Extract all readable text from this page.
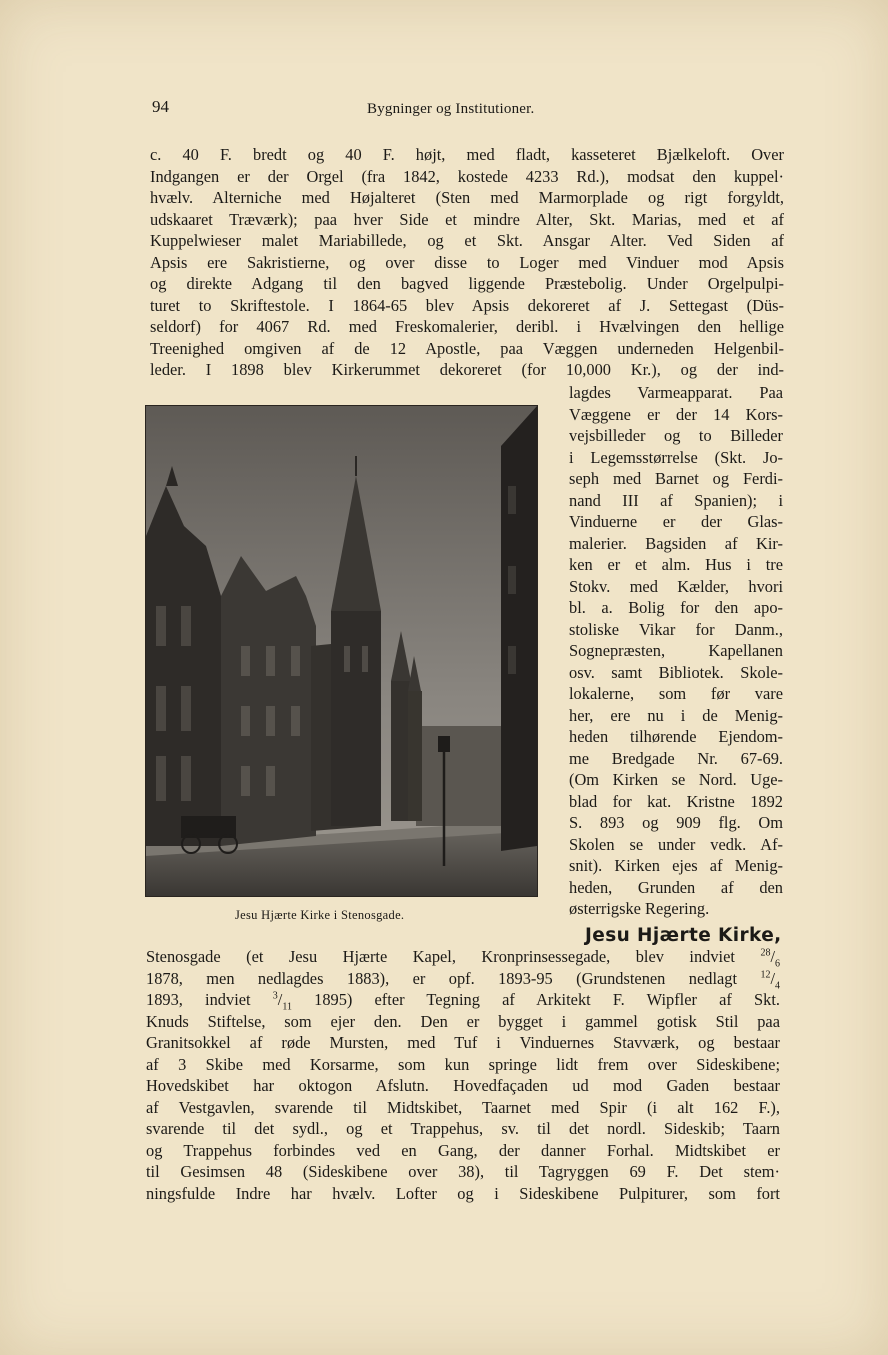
94	Bygninger og Institutioner.
c. 40 F. bredt og 40 F. højt, med fladt, kasseteret Bjælkeloft. Over
Indgangen er der Orgel (fra 1842, kostede 4233 Rd.), modsat den kuppel·
hvælv. Alterniche med Højalteret (Sten med Marmorplade og rigt forgyldt,
udskaaret Træværk); paa hver Side et mindre Alter, Skt. Marias, med et af
Kuppelwieser malet Mariabillede, og et Skt. Ansgar Alter. Ved Siden af
Apsis ere Sakristierne, og over disse to Loger med Vinduer mod Apsis
og direkte Adgang til den bagved liggende Præstebolig. Under Orgelpulpi-
turet to Skriftestole. I 1864-65 blev Apsis dekoreret af J. Settegast (Düs-
seldorf) for 4067 Rd. med Freskomalerier, deribl. i Hvælvingen den hellige
Treenighed omgiven af de 12 Apostle, paa Væggen underneden Helgenbil-
leder. I 1898 blev Kirkerummet dekoreret (for 10,000 Kr.), og der ind-
Jesu Hjærte Kirke i Stenosgade.
lagdes Varmeapparat. Paa
Væggene er der 14 Kors-
vejsbilleder og to Billeder
i Legemsstørrelse (Skt. Jo-
seph med Barnet og Ferdi-
nand III af Spanien); i
Vinduerne er der Glas-
malerier. Bagsiden af Kir-
ken er et alm. Hus i tre
Stokv. med Kælder, hvori
bl. a. Bolig for den apo-
stoliske Vikar for Danm.,
Sognepræsten, Kapellanen
osv. samt Bibliotek. Skole-
lokalerne, som før vare
her, ere nu i de Menig-
heden tilhørende Ejendom-
me Bredgade Nr. 67-69.
(Om Kirken se Nord. Uge-
blad for kat. Kristne 1892
S. 893 og 909 flg. Om
Skolen se under vedk. Af-
snit). Kirken ejes af Menig-
heden, Grunden af den
østerrigske Regering.
Jesu Hjærte Kirke,
Stenosgade (et Jesu Hjærte Kapel, Kronprinsessegade, blev indviet $^{28}/_6$
1878, men nedlagdes 1883), er opf. 1893-95 (Grundstenen nedlagt $^{12}/_4$
1893, indviet $^3/_{11}$ 1895) efter Tegning af Arkitekt F. Wipfler af Skt.
Knuds Stiftelse, som ejer den. Den er bygget i gammel gotisk Stil paa
Granitsokkel af røde Mursten, med Tuf i Vinduernes Stavværk, og bestaar
af 3 Skibe med Korsarme, som kun springe lidt frem over Sideskibene;
Hovedskibet har oktogon Afslutn. Hovedfaçaden ud mod Gaden bestaar
af Vestgavlen, svarende til Midtskibet, Taarnet med Spir (i alt 162 F.),
svarende til det sydl., og et Trappehus, sv. til det nordl. Sideskib; Taarn
og Trappehus forbindes ved en Gang, der danner Forhal. Midtskibet er
til Gesimsen 48 (Sideskibene over 38), til Tagryggen 69 F. Det stem·
ningsfulde Indre har hvælv. Lofter og i Sideskibene Pulpiturer, som fort
